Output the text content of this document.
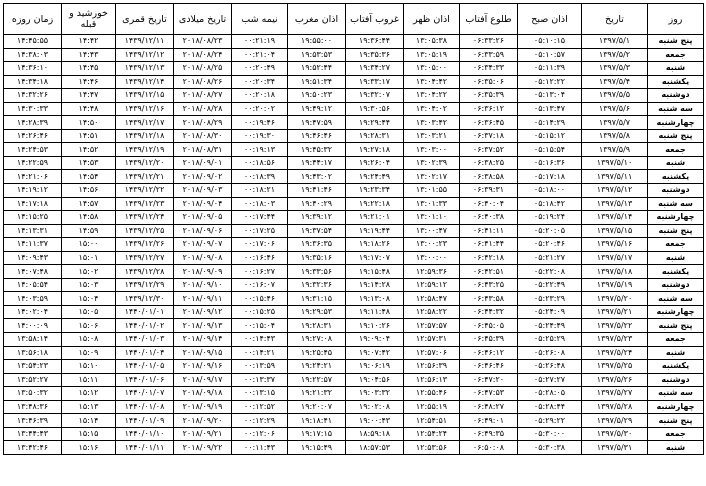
روز	تاریخ	اذان صبح	طلوع آفتاب	اذان ظهر	غروب آفتاب	اذان مغرب	نیمه شب	تاریخ میلادی	تاریخ قمری	خورشید و قبله	زمان روزه
پنج شنبه	۱۳۹۷/۵/۱	۰۵:۱۰:۱۵	۰۶:۳۳:۲۶	۱۳:۰۵:۳۸	۱۹:۳۶:۴۴	۱۹:۵۵:۰۰	۰۰:۲۱:۱۹	۲۰۱۸/۰۸/۲۳	۱۴۳۹/۱۲/۱۱	۱۴:۴۲	۱۴:۴۵:۵۵
جمعه	۱۳۹۷/۵/۲	۰۵:۱۰:۵۷	۰۶:۳۳:۵۹	۱۳:۰۵:۱۹	۱۹:۳۵:۳۶	۱۹:۵۳:۵۳	۰۰:۲۱:۰۴	۲۰۱۸/۰۸/۲۴	۱۴۳۹/۱۲/۱۲	۱۴:۴۳	۱۴:۳۸:۰۳
شنبه	۱۳۹۷/۵/۳	۰۵:۱۱:۳۹	۰۶:۳۴:۳۳	۱۳:۰۵:۰۰	۱۹:۳۴:۲۷	۱۹:۵۲:۴۴	۰۰:۲۰:۴۹	۲۰۱۸/۰۸/۲۵	۱۴۳۹/۱۲/۱۳	۱۴:۴۵	۱۴:۳۶:۱۰
یکشنبه	۱۳۹۷/۵/۴	۰۵:۱۲:۲۲	۰۶:۳۵:۰۶	۱۳:۰۴:۴۲	۱۹:۳۳:۱۷	۱۹:۵۱:۳۴	۰۰:۲۰:۳۴	۲۰۱۸/۰۸/۲۶	۱۴۳۹/۱۲/۱۴	۱۴:۴۶	۱۴:۳۴:۱۸
دوشنبه	۱۳۹۷/۵/۵	۰۵:۱۳:۰۴	۰۶:۳۵:۳۹	۱۳:۰۴:۲۲	۱۹:۳۲:۰۷	۱۹:۵۰:۲۳	۰۰:۲۰:۱۸	۲۰۱۸/۰۸/۲۷	۱۴۳۹/۱۲/۱۵	۱۴:۴۷	۱۴:۳۲:۲۶
سه شنبه	۱۳۹۷/۵/۶	۰۵:۱۳:۴۷	۰۶:۳۶:۱۲	۱۳:۰۴:۰۲	۱۹:۳۰:۵۶	۱۹:۴۹:۱۲	۰۰:۲۰:۰۲	۲۰۱۸/۰۸/۲۸	۱۴۳۹/۱۲/۱۶	۱۴:۴۸	۱۴:۳۰:۳۳
چهارشنبه	۱۳۹۷/۵/۷	۰۵:۱۴:۲۹	۰۶:۳۶:۴۵	۱۳:۰۳:۴۲	۱۹:۲۹:۴۴	۱۹:۴۷:۵۹	۰۰:۱۹:۴۶	۲۰۱۸/۰۸/۲۹	۱۴۳۹/۱۲/۱۷	۱۴:۵۰	۱۴:۲۸:۳۹
پنج شنبه	۱۳۹۷/۵/۸	۰۵:۱۵:۱۲	۰۶:۳۷:۱۸	۱۳:۰۳:۲۱	۱۹:۲۸:۳۱	۱۹:۴۶:۴۶	۰۰:۱۹:۳۰	۲۰۱۸/۰۸/۳۰	۱۴۳۹/۱۲/۱۸	۱۴:۵۱	۱۴:۲۶:۴۶
جمعه	۱۳۹۷/۵/۹	۰۵:۱۵:۵۴	۰۶:۳۷:۵۲	۱۳:۰۳:۰۰	۱۹:۲۷:۱۸	۱۹:۴۵:۳۲	۰۰:۱۹:۱۳	۲۰۱۸/۰۸/۳۱	۱۴۳۹/۱۲/۱۹	۱۴:۵۲	۱۴:۲۴:۵۳
شنبه	۱۳۹۷/۵/۱۰	۰۵:۱۶:۳۶	۰۶:۳۸:۲۵	۱۳:۰۲:۳۹	۱۹:۲۶:۰۴	۱۹:۴۴:۱۷	۰۰:۱۸:۵۶	۲۰۱۸/۰۹/۰۱	۱۴۳۹/۱۲/۲۰	۱۴:۵۳	۱۴:۲۲:۵۹
یکشنبه	۱۳۹۷/۵/۱۱	۰۵:۱۷:۱۸	۰۶:۳۸:۵۸	۱۳:۰۲:۱۷	۱۹:۲۴:۴۹	۱۹:۴۳:۰۲	۰۰:۱۸:۳۹	۲۰۱۸/۰۹/۰۲	۱۴۳۹/۱۲/۲۱	۱۴:۵۴	۱۴:۲۱:۰۶
دوشنبه	۱۳۹۷/۵/۱۲	۰۵:۱۸:۰۰	۰۶:۳۹:۳۱	۱۳:۰۱:۵۵	۱۹:۲۳:۳۴	۱۹:۴۱:۴۶	۰۰:۱۸:۲۱	۲۰۱۸/۰۹/۰۳	۱۴۳۹/۱۲/۲۲	۱۴:۵۶	۱۴:۱۹:۱۲
سه شنبه	۱۳۹۷/۵/۱۳	۰۵:۱۸:۴۲	۰۶:۴۰:۰۴	۱۳:۰۱:۳۳	۱۹:۲۲:۱۸	۱۹:۴۰:۲۹	۰۰:۱۸:۰۳	۲۰۱۸/۰۹/۰۴	۱۴۳۹/۱۲/۲۳	۱۴:۵۷	۱۴:۱۷:۱۸
چهارشنبه	۱۳۹۷/۵/۱۴	۰۵:۱۹:۲۴	۰۶:۴۰:۳۸	۱۳:۰۱:۱۰	۱۹:۲۱:۰۱	۱۹:۳۹:۱۲	۰۰:۱۷:۴۴	۲۰۱۸/۰۹/۰۵	۱۴۳۹/۱۲/۲۴	۱۴:۵۸	۱۴:۱۵:۲۵
پنج شنبه	۱۳۹۷/۵/۱۵	۰۵:۲۰:۰۵	۰۶:۴۱:۱۱	۱۳:۰۰:۴۷	۱۹:۱۹:۴۴	۱۹:۳۷:۵۴	۰۰:۱۷:۲۵	۲۰۱۸/۰۹/۰۶	۱۴۳۹/۱۲/۲۵	۱۴:۵۹	۱۴:۱۳:۳۱
جمعه	۱۳۹۷/۵/۱۶	۰۵:۲۰:۴۶	۰۶:۴۱:۴۴	۱۳:۰۰:۲۳	۱۹:۱۸:۲۶	۱۹:۳۶:۳۵	۰۰:۱۷:۰۶	۲۰۱۸/۰۹/۰۷	۱۴۳۹/۱۲/۲۶	۱۵:۰۰	۱۴:۱۱:۳۷
شنبه	۱۳۹۷/۵/۱۷	۰۵:۲۱:۲۷	۰۶:۴۲:۱۸	۱۳:۰۰:۰۰	۱۹:۱۷:۰۷	۱۹:۳۵:۱۶	۰۰:۱۶:۴۶	۲۰۱۸/۰۹/۰۸	۱۴۳۹/۱۲/۲۷	۱۵:۰۱	۱۴:۰۹:۴۳
یکشنبه	۱۳۹۷/۵/۱۸	۰۵:۲۲:۰۸	۰۶:۴۲:۵۱	۱۲:۵۹:۳۶	۱۹:۱۵:۴۸	۱۹:۳۳:۵۶	۰۰:۱۶:۲۷	۲۰۱۸/۰۹/۰۹	۱۴۳۹/۱۲/۲۸	۱۵:۰۲	۱۴:۰۷:۴۸
دوشنبه	۱۳۹۷/۵/۱۹	۰۵:۲۲:۴۹	۰۶:۴۳:۲۵	۱۲:۵۹:۱۲	۱۹:۱۴:۲۸	۱۹:۳۲:۳۶	۰۰:۱۶:۰۷	۲۰۱۸/۰۹/۱۰	۱۴۳۹/۱۲/۲۹	۱۵:۰۳	۱۴:۰۵:۵۴
سه شنبه	۱۳۹۷/۵/۲۰	۰۵:۲۳:۲۹	۰۶:۴۳:۵۸	۱۲:۵۸:۴۷	۱۹:۱۳:۰۸	۱۹:۳۱:۱۵	۰۰:۱۵:۴۶	۲۰۱۸/۰۹/۱۱	۱۴۳۹/۱۲/۳۰	۱۵:۰۴	۱۴:۰۳:۵۹
چهارشنبه	۱۳۹۷/۵/۲۱	۰۵:۲۴:۰۹	۰۶:۴۴:۳۲	۱۲:۵۸:۲۲	۱۹:۱۱:۴۸	۱۹:۲۹:۵۳	۰۰:۱۵:۲۵	۲۰۱۸/۰۹/۱۲	۱۴۴۰/۰۱/۰۱	۱۵:۰۵	۱۴:۰۲:۰۴
پنج شنبه	۱۳۹۷/۵/۲۲	۰۵:۲۴:۴۹	۰۶:۴۵:۰۵	۱۲:۵۷:۵۷	۱۹:۱۰:۲۶	۱۹:۲۸:۳۱	۰۰:۱۵:۰۴	۲۰۱۸/۰۹/۱۳	۱۴۴۰/۰۱/۰۲	۱۵:۰۶	۱۴:۰۰:۰۹
جمعه	۱۳۹۷/۵/۲۳	۰۵:۲۵:۲۹	۰۶:۴۵:۳۹	۱۲:۵۷:۳۱	۱۹:۰۹:۰۴	۱۹:۲۷:۰۸	۰۰:۱۴:۴۳	۲۰۱۸/۰۹/۱۴	۱۴۴۰/۰۱/۰۳	۱۵:۰۸	۱۳:۵۸:۱۴
شنبه	۱۳۹۷/۵/۲۴	۰۵:۲۶:۰۸	۰۶:۴۶:۱۲	۱۲:۵۷:۰۶	۱۹:۰۷:۴۲	۱۹:۲۵:۴۵	۰۰:۱۴:۲۱	۲۰۱۸/۰۹/۱۵	۱۴۴۰/۰۱/۰۴	۱۵:۰۹	۱۳:۵۶:۱۸
یکشنبه	۱۳۹۷/۵/۲۵	۰۵:۲۶:۴۸	۰۶:۴۶:۴۶	۱۲:۵۶:۳۹	۱۹:۰۶:۱۹	۱۹:۲۴:۲۱	۰۰:۱۳:۵۹	۲۰۱۸/۰۹/۱۶	۱۴۴۰/۰۱/۰۵	۱۵:۱۰	۱۳:۵۴:۲۳
دوشنبه	۱۳۹۷/۵/۲۶	۰۵:۲۷:۲۷	۰۶:۴۷:۲۰	۱۲:۵۶:۱۳	۱۹:۰۴:۵۶	۱۹:۲۲:۵۷	۰۰:۱۳:۳۷	۲۰۱۸/۰۹/۱۷	۱۴۴۰/۰۱/۰۶	۱۵:۱۱	۱۳:۵۲:۲۷
سه شنبه	۱۳۹۷/۵/۲۷	۰۵:۲۸:۰۵	۰۶:۴۷:۵۳	۱۲:۵۵:۴۶	۱۹:۰۳:۳۲	۱۹:۲۱:۳۲	۰۰:۱۳:۱۵	۲۰۱۸/۰۹/۱۸	۱۴۴۰/۰۱/۰۷	۱۵:۱۲	۱۳:۵۰:۳۲
چهارشنبه	۱۳۹۷/۵/۲۸	۰۵:۲۸:۴۴	۰۶:۴۸:۲۷	۱۲:۵۵:۱۹	۱۹:۰۲:۰۸	۱۹:۲۰:۰۷	۰۰:۱۲:۵۲	۲۰۱۸/۰۹/۱۹	۱۴۴۰/۰۱/۰۸	۱۵:۱۳	۱۳:۴۸:۳۶
پنج شنبه	۱۳۹۷/۵/۲۹	۰۵:۲۹:۲۲	۰۶:۴۹:۰۱	۱۲:۵۴:۵۱	۱۹:۰۰:۴۳	۱۹:۱۸:۴۱	۰۰:۱۲:۲۹	۲۰۱۸/۰۹/۲۰	۱۴۴۰/۰۱/۰۹	۱۵:۱۴	۱۳:۴۶:۳۹
جمعه	۱۳۹۷/۵/۳۰	۰۵:۳۰:۰۰	۰۶:۴۹:۳۵	۱۲:۵۴:۲۴	۱۸:۵۹:۱۸	۱۹:۱۷:۱۵	۰۰:۱۲:۰۶	۲۰۱۸/۰۹/۲۱	۱۴۴۰/۰۱/۱۰	۱۵:۱۵	۱۳:۴۴:۴۳
شنبه	۱۳۹۷/۵/۳۱	۰۵:۳۰:۳۸	۰۶:۵۰:۰۸	۱۲:۵۳:۵۶	۱۸:۵۷:۵۳	۱۹:۱۵:۴۹	۰۰:۱۱:۴۳	۲۰۱۸/۰۹/۲۲	۱۴۴۰/۰۱/۱۱	۱۵:۱۶	۱۳:۴۲:۴۶
